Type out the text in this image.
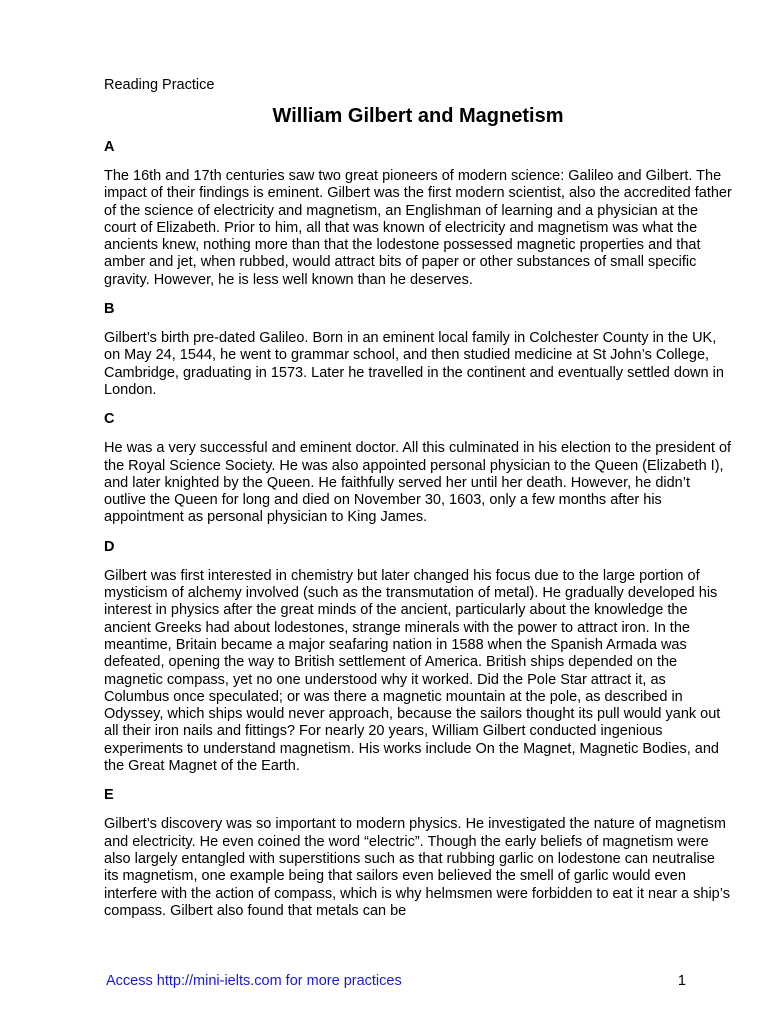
Reading Practice

William Gilbert and Magnetism

A

The 16th and 17th centuries saw two great pioneers of modern science: Galileo and Gilbert. The impact of their findings is eminent. Gilbert was the first modern scientist, also the accredited father of the science of electricity and magnetism, an Englishman of learning and a physician at the court of Elizabeth. Prior to him, all that was known of electricity and magnetism was what the ancients knew, nothing more than that the lodestone possessed magnetic properties and that amber and jet, when rubbed, would attract bits of paper or other substances of small specific gravity. However, he is less well known than he deserves.

B

Gilbert’s birth pre-dated Galileo. Born in an eminent local family in Colchester County in the UK, on May 24, 1544, he went to grammar school, and then studied medicine at St John’s College, Cambridge, graduating in 1573. Later he travelled in the continent and eventually settled down in London.

C

He was a very successful and eminent doctor. All this culminated in his election to the president of the Royal Science Society. He was also appointed personal physician to the Queen (Elizabeth I), and later knighted by the Queen. He faithfully served her until her death. However, he didn’t outlive the Queen for long and died on November 30, 1603, only a few months after his appointment as personal physician to King James.

D

Gilbert was first interested in chemistry but later changed his focus due to the large portion of mysticism of alchemy involved (such as the transmutation of metal). He gradually developed his interest in physics after the great minds of the ancient, particularly about the knowledge the ancient Greeks had about lodestones, strange minerals with the power to attract iron. In the meantime, Britain became a major seafaring nation in 1588 when the Spanish Armada was defeated, opening the way to British settlement of America. British ships depended on the magnetic compass, yet no one understood why it worked. Did the Pole Star attract it, as Columbus once speculated; or was there a magnetic mountain at the pole, as described in Odyssey, which ships would never approach, because the sailors thought its pull would yank out all their iron nails and fittings? For nearly 20 years, William Gilbert conducted ingenious experiments to understand magnetism. His works include On the Magnet, Magnetic Bodies, and the Great Magnet of the Earth.

E

Gilbert’s discovery was so important to modern physics. He investigated the nature of magnetism and electricity. He even coined the word “electric”. Though the early beliefs of magnetism were also largely entangled with superstitions such as that rubbing garlic on lodestone can neutralise its magnetism, one example being that sailors even believed the smell of garlic would even interfere with the action of compass, which is why helmsmen were forbidden to eat it near a ship’s compass. Gilbert also found that metals can be

Access http://mini-ielts.com for more practices	1
